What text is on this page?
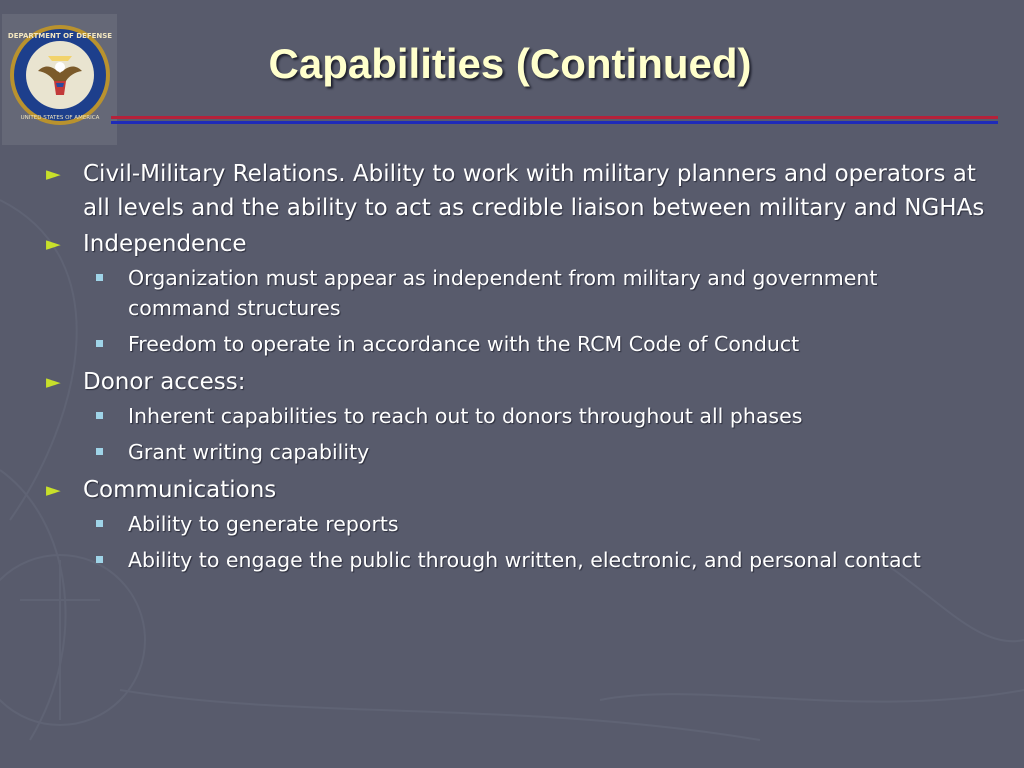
DEPARTMENT OF DEFENSE
UNITED STATES OF AMERICA
Capabilities (Continued)
► Civil-Military Relations. Ability to work with military planners and operators at all levels and the ability to act as credible liaison between military and NGHAs
► Independence
Organization must appear as independent from military and government command structures
Freedom to operate in accordance with the RCM Code of Conduct
► Donor access:
Inherent capabilities to reach out to donors throughout all phases
Grant writing capability
► Communications
Ability to generate reports
Ability to engage the public through written, electronic, and personal contact
